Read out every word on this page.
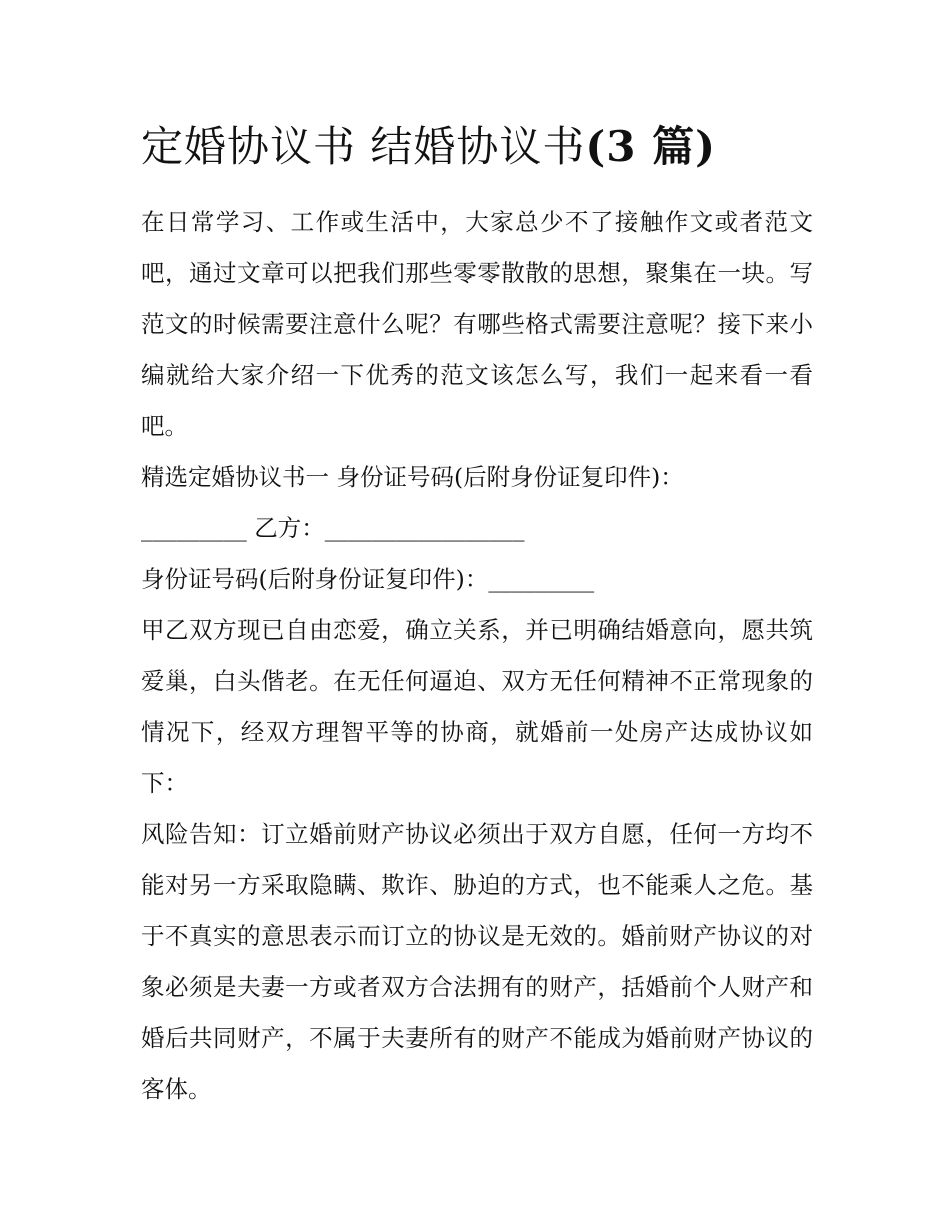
定婚协议书 结婚协议书(3 篇)

在日常学习、工作或生活中，大家总少不了接触作文或者范文吧，通过文章可以把我们那些零零散散的思想，聚集在一块。写范文的时候需要注意什么呢？有哪些格式需要注意呢？接下来小编就给大家介绍一下优秀的范文该怎么写，我们一起来看一看吧。

精选定婚协议书一 身份证号码(后附身份证复印件)：

_________ 乙方：_________________

身份证号码(后附身份证复印件)：_________

甲乙双方现已自由恋爱，确立关系，并已明确结婚意向，愿共筑爱巢，白头偕老。在无任何逼迫、双方无任何精神不正常现象的情况下，经双方理智平等的协商，就婚前一处房产达成协议如下：

风险告知：订立婚前财产协议必须出于双方自愿，任何一方均不能对另一方采取隐瞒、欺诈、胁迫的方式，也不能乘人之危。基于不真实的意思表示而订立的协议是无效的。婚前财产协议的对象必须是夫妻一方或者双方合法拥有的财产，括婚前个人财产和婚后共同财产，不属于夫妻所有的财产不能成为婚前财产协议的客体。
